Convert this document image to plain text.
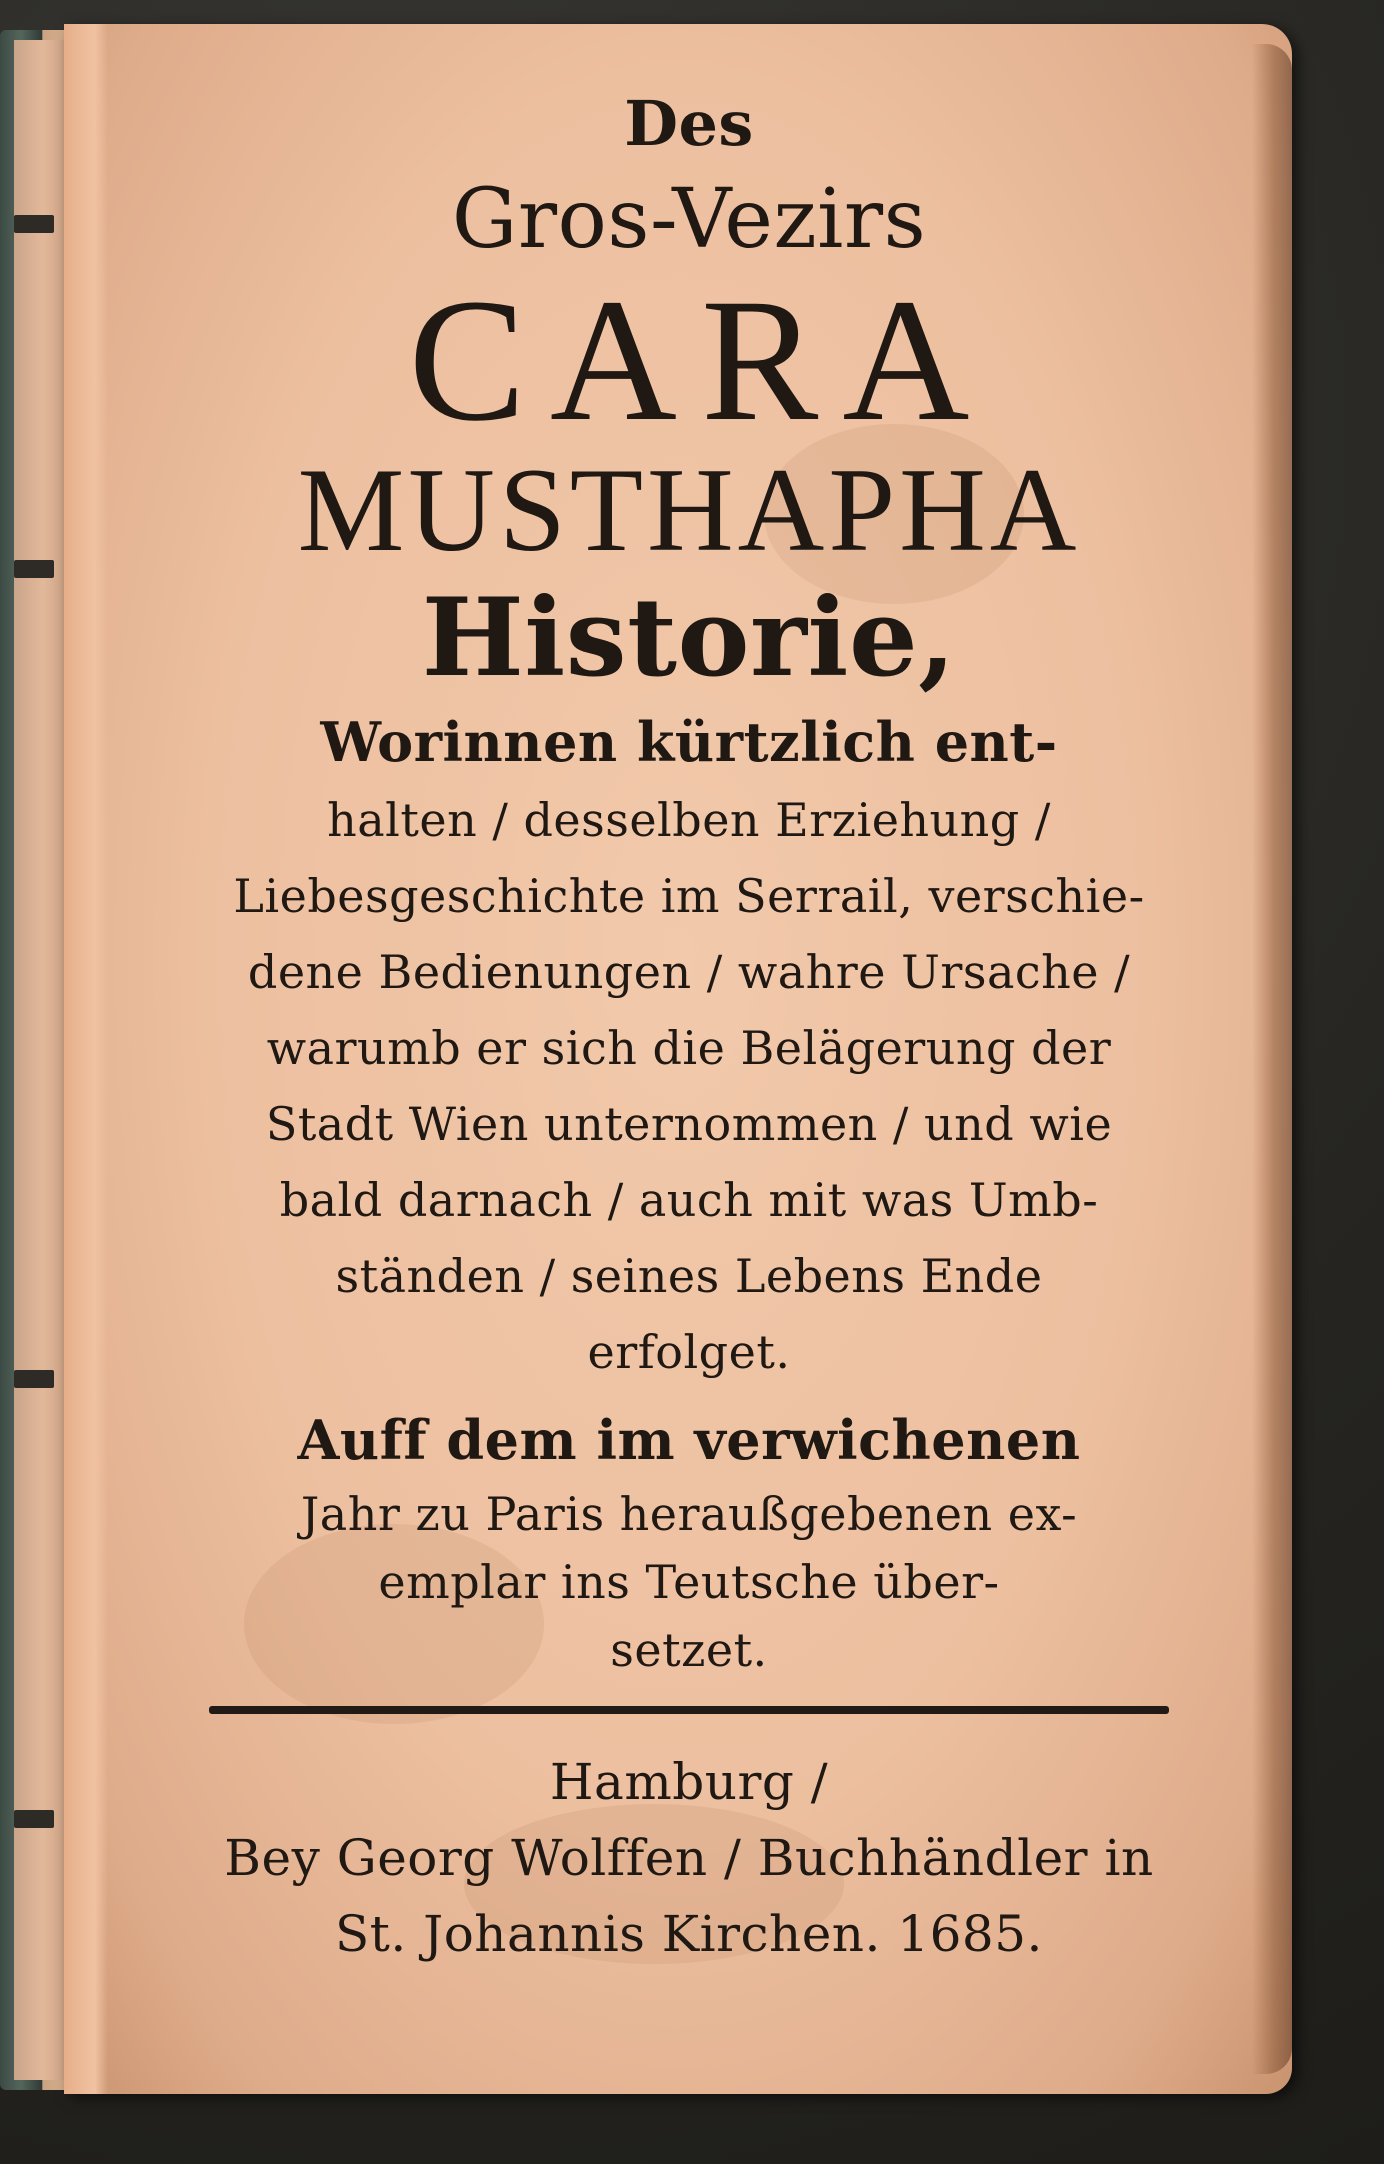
Des
Gros-Vezirs
CARA
MUSTHAPHA
Historie,
Worinnen kürtzlich ent-
halten / desselben Erziehung /
Liebesgeschichte im Serrail, verschie-
dene Bedienungen / wahre Ursache /
warumb er sich die Belägerung der
Stadt Wien unternommen / und wie
bald darnach / auch mit was Umb-
ständen / seines Lebens Ende
erfolget.
Auff dem im verwichenen
Jahr zu Paris heraußgebenen ex-
emplar ins Teutsche über-
setzet.
Hamburg /
Bey Georg Wolffen / Buchhändler in
St. Johannis Kirchen. 1685.
